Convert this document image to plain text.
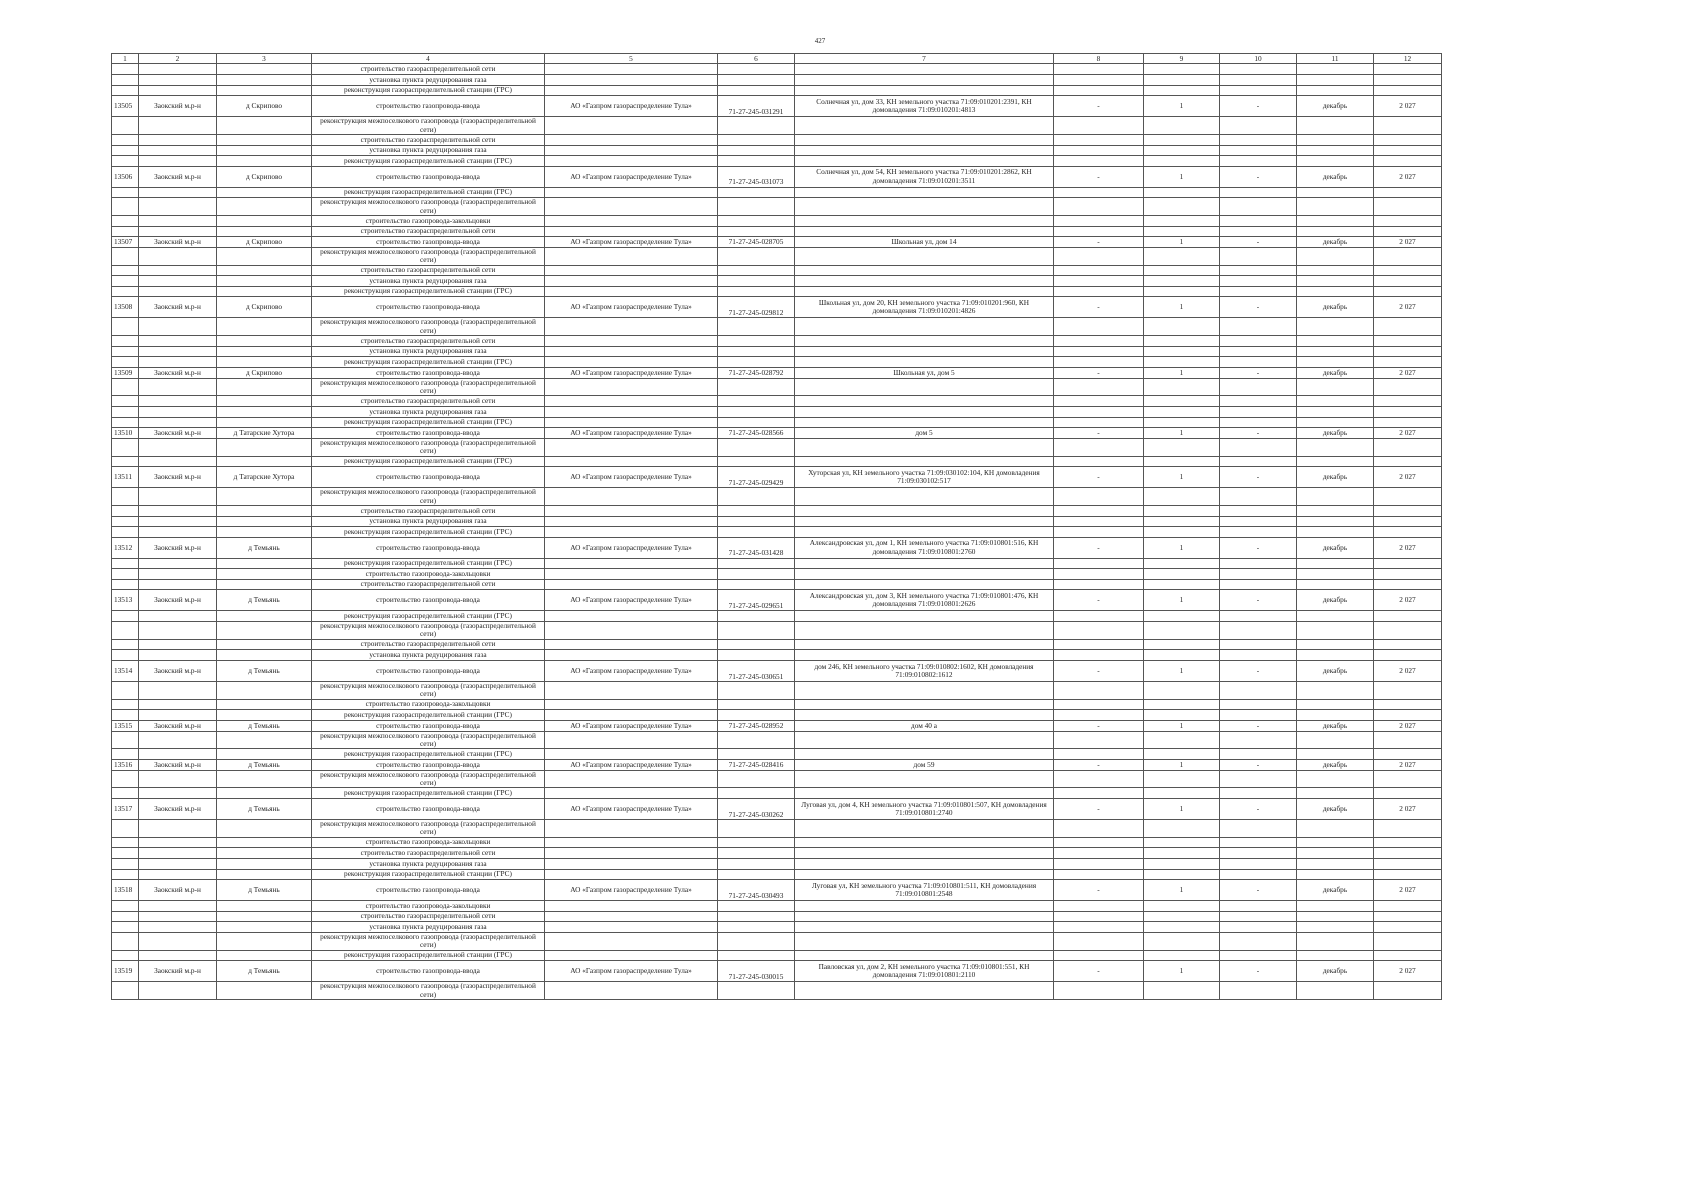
427
1	2	3	4	5	6	7	8	9	10	11	12
			строительство газораспределительной сети								
			установка пункта редуцирования газа								
			реконструкция газораспределительной станции (ГРС)								
13505	Заокский м.р-н	д Скрипово	строительство газопровода-ввода	АО «Газпром газораспределение Тула»	71-27-245-031291	Солнечная ул, дом 33, КН земельного участка 71:09:010201:2391, КН домовладения 71:09:010201:4813	-	1	-	декабрь	2 027
			реконструкция межпоселкового газопровода (газораспределительной сети)								
			строительство газораспределительной сети								
			установка пункта редуцирования газа								
			реконструкция газораспределительной станции (ГРС)								
13506	Заокский м.р-н	д Скрипово	строительство газопровода-ввода	АО «Газпром газораспределение Тула»	71-27-245-031073	Солнечная ул, дом 54, КН земельного участка 71:09:010201:2862, КН домовладения 71:09:010201:3511	-	1	-	декабрь	2 027
			реконструкция газораспределительной станции (ГРС)								
			реконструкция межпоселкового газопровода (газораспределительной сети)								
			строительство газопровода-закольцовки								
			строительство газораспределительной сети								
13507	Заокский м.р-н	д Скрипово	строительство газопровода-ввода	АО «Газпром газораспределение Тула»	71-27-245-028705	Школьная ул, дом 14	-	1	-	декабрь	2 027
			реконструкция межпоселкового газопровода (газораспределительной сети)								
			строительство газораспределительной сети								
			установка пункта редуцирования газа								
			реконструкция газораспределительной станции (ГРС)								
13508	Заокский м.р-н	д Скрипово	строительство газопровода-ввода	АО «Газпром газораспределение Тула»	71-27-245-029812	Школьная ул, дом 20, КН земельного участка 71:09:010201:960, КН домовладения 71:09:010201:4826	-	1	-	декабрь	2 027
			реконструкция межпоселкового газопровода (газораспределительной сети)								
			строительство газораспределительной сети								
			установка пункта редуцирования газа								
			реконструкция газораспределительной станции (ГРС)								
13509	Заокский м.р-н	д Скрипово	строительство газопровода-ввода	АО «Газпром газораспределение Тула»	71-27-245-028792	Школьная ул, дом 5	-	1	-	декабрь	2 027
			реконструкция межпоселкового газопровода (газораспределительной сети)								
			строительство газораспределительной сети								
			установка пункта редуцирования газа								
			реконструкция газораспределительной станции (ГРС)								
13510	Заокский м.р-н	д Татарские Хутора	строительство газопровода-ввода	АО «Газпром газораспределение Тула»	71-27-245-028566	дом 5	-	1	-	декабрь	2 027
			реконструкция межпоселкового газопровода (газораспределительной сети)								
			реконструкция газораспределительной станции (ГРС)								
13511	Заокский м.р-н	д Татарские Хутора	строительство газопровода-ввода	АО «Газпром газораспределение Тула»	71-27-245-029429	Хуторская ул, КН земельного участка 71:09:030102:104, КН домовладения 71:09:030102:517	-	1	-	декабрь	2 027
			реконструкция межпоселкового газопровода (газораспределительной сети)								
			строительство газораспределительной сети								
			установка пункта редуцирования газа								
			реконструкция газораспределительной станции (ГРС)								
13512	Заокский м.р-н	д Темьянь	строительство газопровода-ввода	АО «Газпром газораспределение Тула»	71-27-245-031428	Александровская ул, дом 1, КН земельного участка 71:09:010801:516, КН домовладения 71:09:010801:2760	-	1	-	декабрь	2 027
			реконструкция газораспределительной станции (ГРС)								
			строительство газопровода-закольцовки								
			строительство газораспределительной сети								
13513	Заокский м.р-н	д Темьянь	строительство газопровода-ввода	АО «Газпром газораспределение Тула»	71-27-245-029651	Александровская ул, дом 3, КН земельного участка 71:09:010801:476, КН домовладения 71:09:010801:2626	-	1	-	декабрь	2 027
			реконструкция газораспределительной станции (ГРС)								
			реконструкция межпоселкового газопровода (газораспределительной сети)								
			строительство газораспределительной сети								
			установка пункта редуцирования газа								
13514	Заокский м.р-н	д Темьянь	строительство газопровода-ввода	АО «Газпром газораспределение Тула»	71-27-245-030651	дом 246, КН земельного участка 71:09:010802:1602, КН домовладения 71:09:010802:1612	-	1	-	декабрь	2 027
			реконструкция межпоселкового газопровода (газораспределительной сети)								
			строительство газопровода-закольцовки								
			реконструкция газораспределительной станции (ГРС)								
13515	Заокский м.р-н	д Темьянь	строительство газопровода-ввода	АО «Газпром газораспределение Тула»	71-27-245-028952	дом 40 а	-	1	-	декабрь	2 027
			реконструкция межпоселкового газопровода (газораспределительной сети)								
			реконструкция газораспределительной станции (ГРС)								
13516	Заокский м.р-н	д Темьянь	строительство газопровода-ввода	АО «Газпром газораспределение Тула»	71-27-245-028416	дом 59	-	1	-	декабрь	2 027
			реконструкция межпоселкового газопровода (газораспределительной сети)								
			реконструкция газораспределительной станции (ГРС)								
13517	Заокский м.р-н	д Темьянь	строительство газопровода-ввода	АО «Газпром газораспределение Тула»	71-27-245-030262	Луговая ул, дом 4, КН земельного участка 71:09:010801:507, КН домовладения 71:09:010801:2740	-	1	-	декабрь	2 027
			реконструкция межпоселкового газопровода (газораспределительной сети)								
			строительство газопровода-закольцовки								
			строительство газораспределительной сети								
			установка пункта редуцирования газа								
			реконструкция газораспределительной станции (ГРС)								
13518	Заокский м.р-н	д Темьянь	строительство газопровода-ввода	АО «Газпром газораспределение Тула»	71-27-245-030493	Луговая ул, КН земельного участка 71:09:010801:511, КН домовладения 71:09:010801:2548	-	1	-	декабрь	2 027
			строительство газопровода-закольцовки								
			строительство газораспределительной сети								
			установка пункта редуцирования газа								
			реконструкция межпоселкового газопровода (газораспределительной сети)								
			реконструкция газораспределительной станции (ГРС)								
13519	Заокский м.р-н	д Темьянь	строительство газопровода-ввода	АО «Газпром газораспределение Тула»	71-27-245-030015	Павловская ул, дом 2, КН земельного участка 71:09:010801:551, КН домовладения 71:09:010801:2110	-	1	-	декабрь	2 027
			реконструкция межпоселкового газопровода (газораспределительной сети)								
